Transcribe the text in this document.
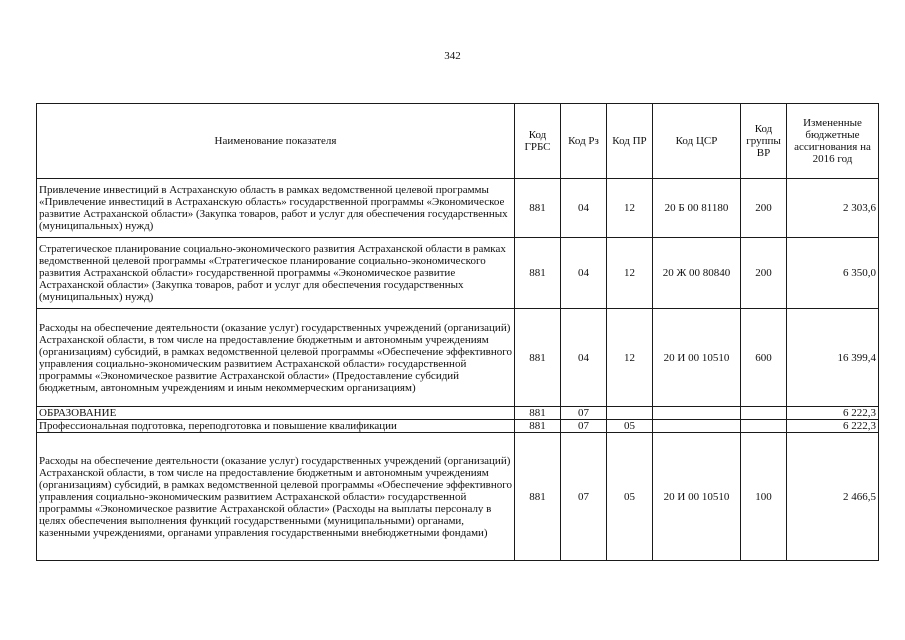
342
Наименование показателя	Код ГРБС	Код Рз	Код ПР	Код ЦСР	Код группы ВР	Измененные бюджетные ассигнования на 2016 год
Привлечение инвестиций в Астраханскую область в рамках ведомственной целевой программы «Привлечение инвестиций в Астраханскую область» государственной программы «Экономическое развитие Астраханской области» (Закупка товаров, работ и услуг для обеспечения государственных (муниципальных) нужд)	881	04	12	20 Б 00 81180	200	2 303,6
Стратегическое планирование социально-экономического развития Астраханской области в рамках ведомственной целевой программы «Стратегическое планирование социально-экономического развития Астраханской области» государственной программы «Экономическое развитие Астраханской области» (Закупка товаров, работ и услуг для обеспечения государственных (муниципальных) нужд)	881	04	12	20 Ж 00 80840	200	6 350,0
Расходы на обеспечение деятельности (оказание услуг) государственных учреждений (организаций) Астраханской области, в том числе на предоставление бюджетным и автономным учреждениям (организациям) субсидий, в рамках ведомственной целевой программы «Обеспечение эффективного управления социально-экономическим развитием Астраханской области» государственной программы «Экономическое развитие Астраханской области» (Предоставление субсидий бюджетным, автономным учреждениям и иным некоммерческим организациям)	881	04	12	20 И 00 10510	600	16 399,4
ОБРАЗОВАНИЕ	881	07				6 222,3
Профессиональная подготовка, переподготовка и повышение квалификации	881	07	05			6 222,3
Расходы на обеспечение деятельности (оказание услуг) государственных учреждений (организаций) Астраханской области, в том числе на предоставление бюджетным и автономным учреждениям (организациям) субсидий, в рамках ведомственной целевой программы «Обеспечение эффективного управления социально-экономическим развитием Астраханской области» государственной программы «Экономическое развитие Астраханской области» (Расходы на выплаты персоналу в целях обеспечения выполнения функций государственными (муниципальными) органами, казенными учреждениями, органами управления государственными внебюджетными фондами)	881	07	05	20 И 00 10510	100	2 466,5
